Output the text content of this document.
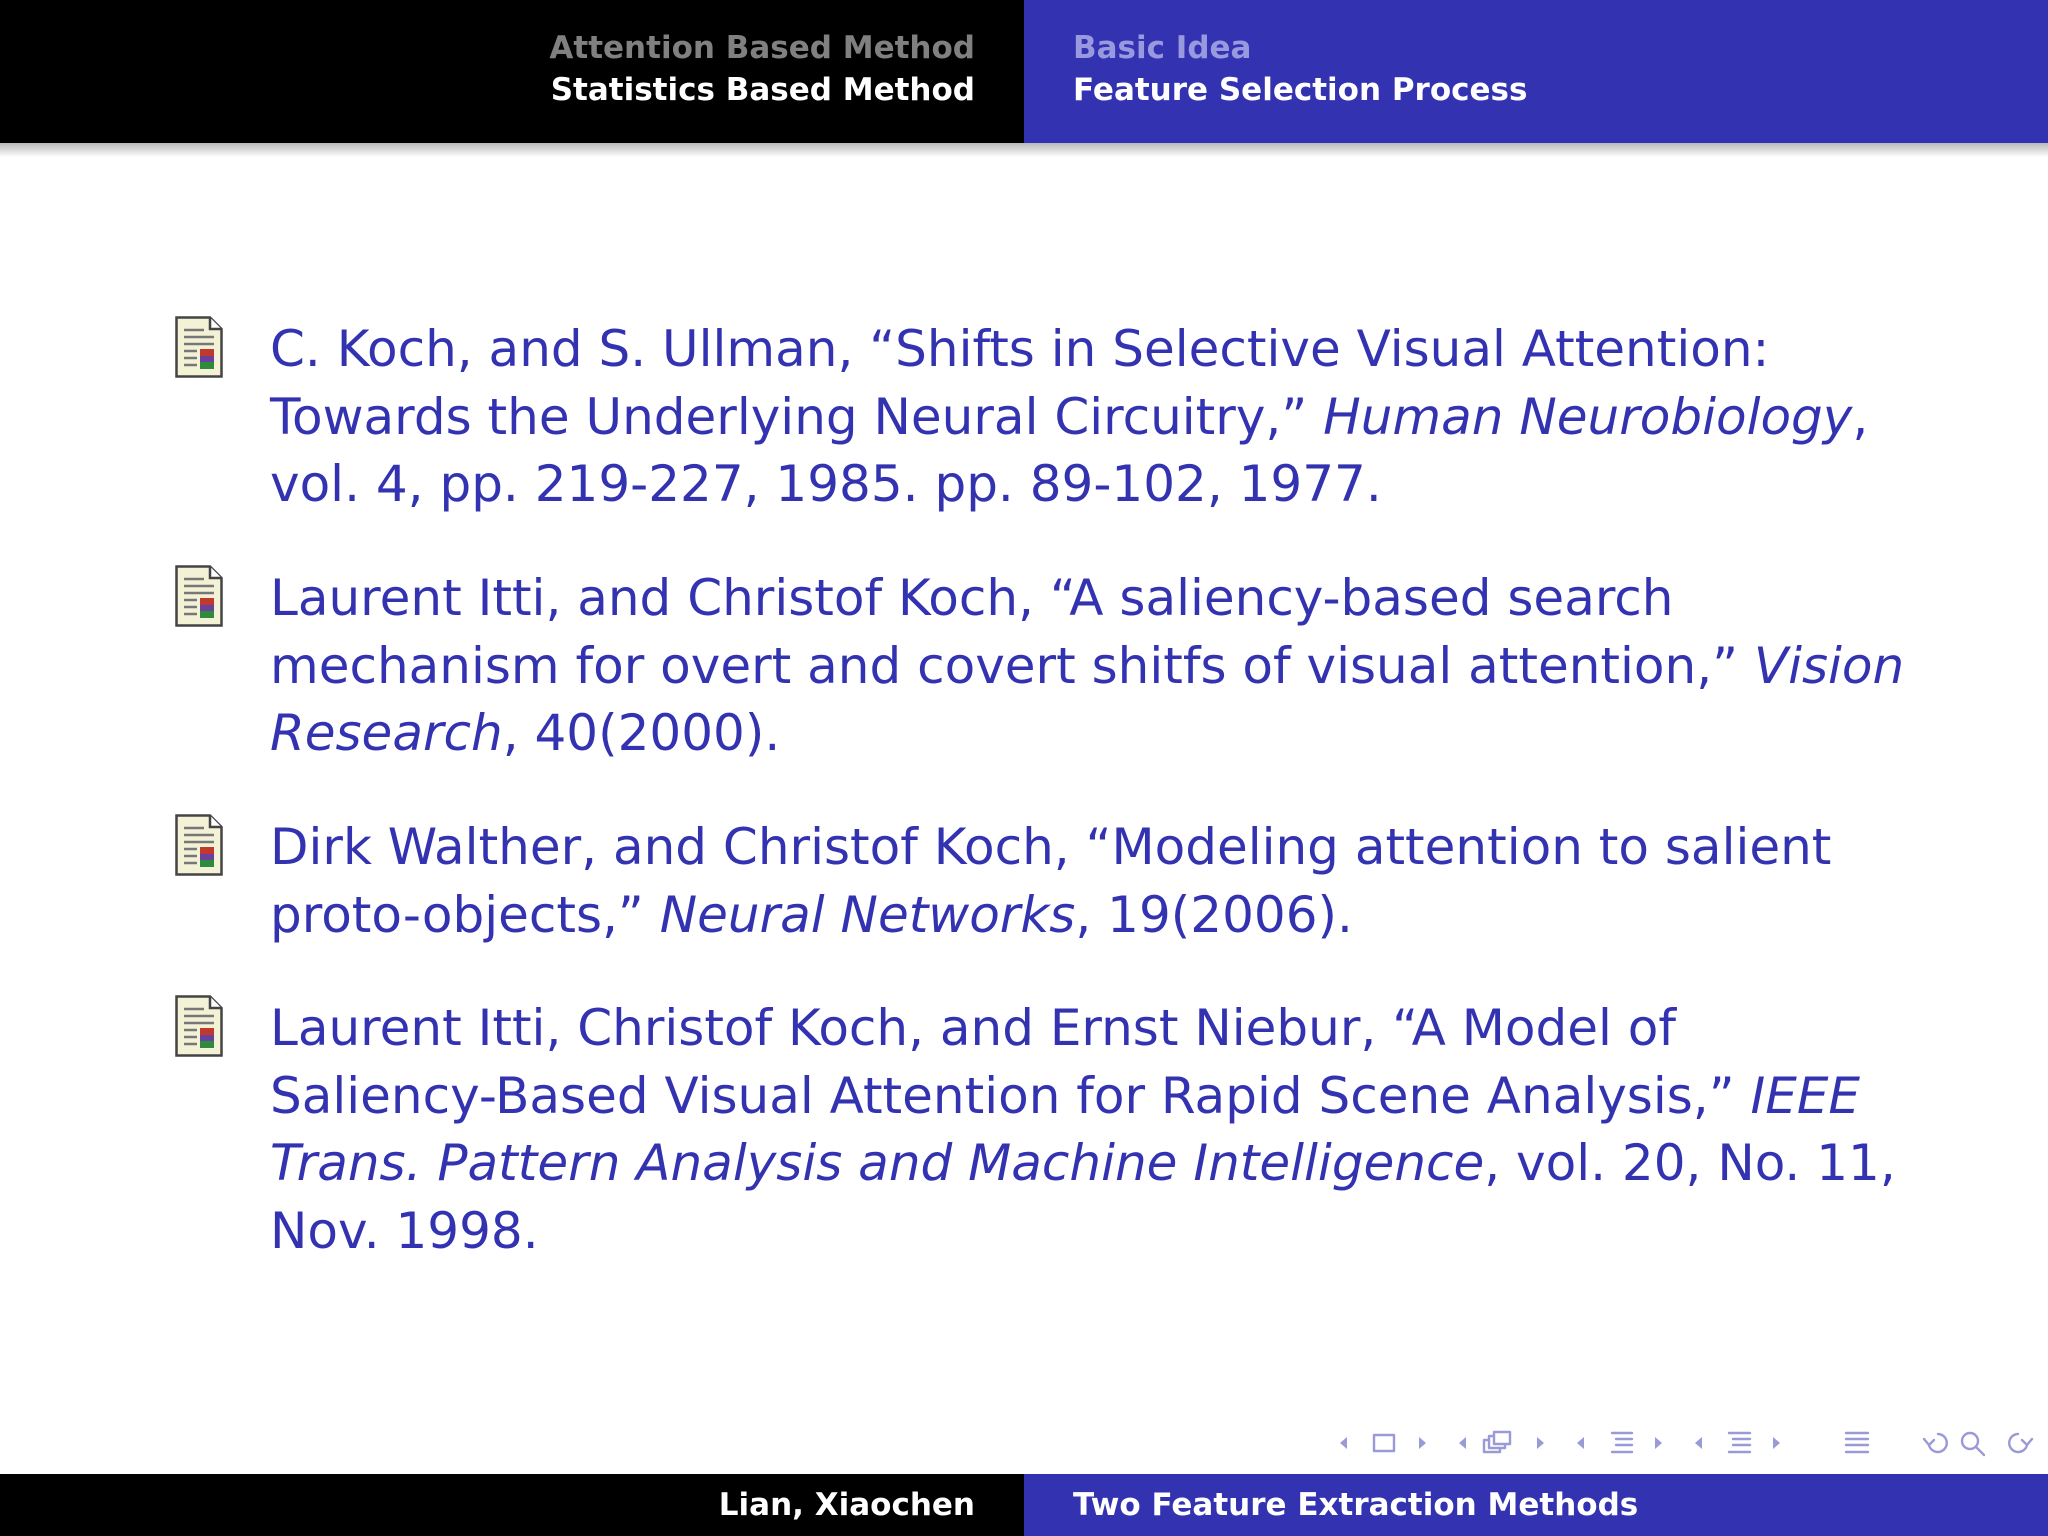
Attention Based Method
Statistics Based Method
Basic Idea
Feature Selection Process
C. Koch, and S. Ullman, “Shifts in Selective Visual Attention: Towards the Underlying Neural Circuitry,” Human Neurobiology, vol. 4, pp. 219-227, 1985. pp. 89-102, 1977.
Laurent Itti, and Christof Koch, “A saliency-based search mechanism for overt and covert shitfs of visual attention,” Vision Research, 40(2000).
Dirk Walther, and Christof Koch, “Modeling attention to salient proto-objects,” Neural Networks, 19(2006).
Laurent Itti, Christof Koch, and Ernst Niebur, “A Model of Saliency-Based Visual Attention for Rapid Scene Analysis,” IEEE Trans. Pattern Analysis and Machine Intelligence, vol. 20, No. 11, Nov. 1998.
Lian, Xiaochen	Two Feature Extraction Methods
